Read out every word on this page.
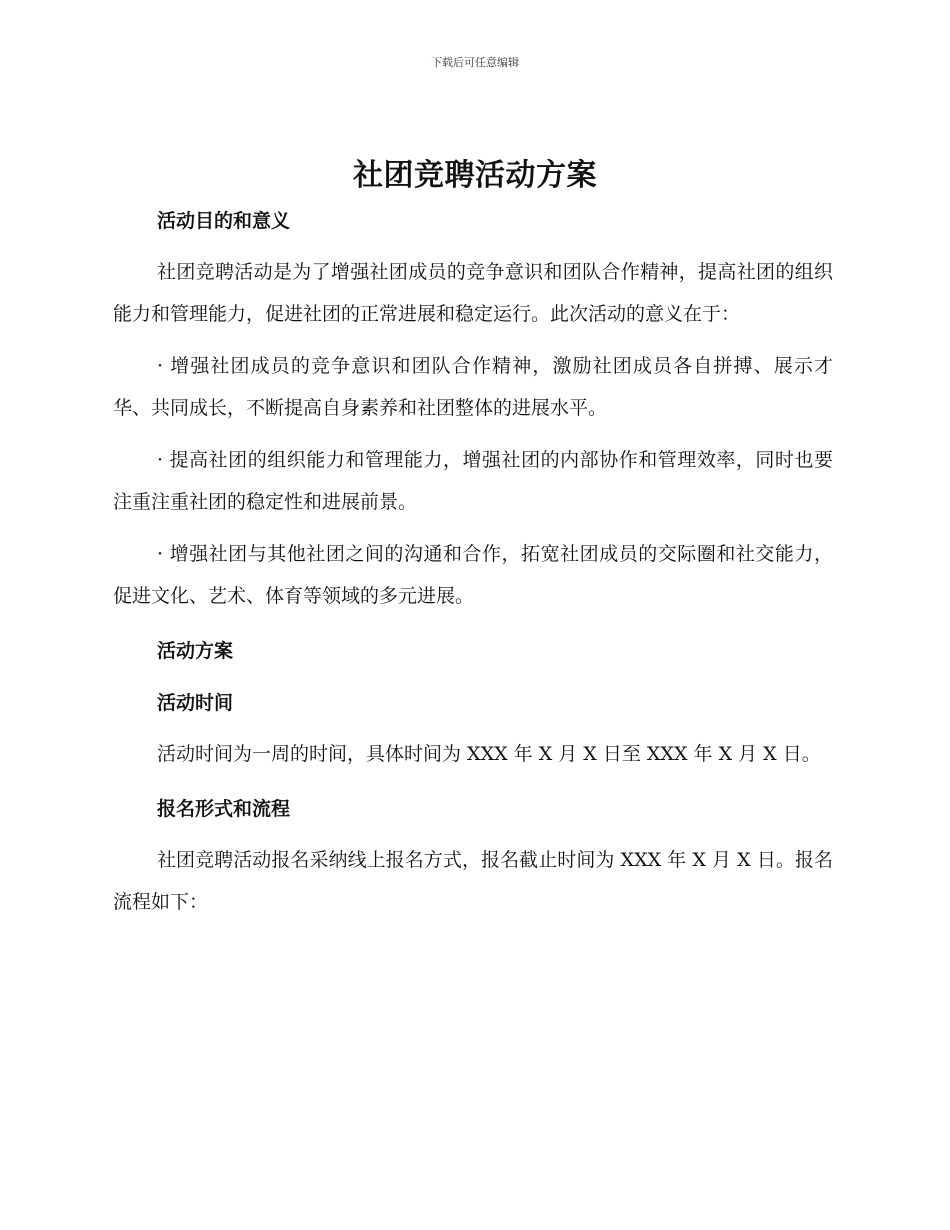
下载后可任意编辑
社团竞聘活动方案

活动目的和意义

社团竞聘活动是为了增强社团成员的竞争意识和团队合作精神，提高社团的组织能力和管理能力，促进社团的正常进展和稳定运行。此次活动的意义在于：

· 增强社团成员的竞争意识和团队合作精神，激励社团成员各自拼搏、展示才华、共同成长，不断提高自身素养和社团整体的进展水平。

· 提高社团的组织能力和管理能力，增强社团的内部协作和管理效率，同时也要注重注重社团的稳定性和进展前景。

· 增强社团与其他社团之间的沟通和合作，拓宽社团成员的交际圈和社交能力，促进文化、艺术、体育等领域的多元进展。

活动方案

活动时间

活动时间为一周的时间，具体时间为 XXX 年 X 月 X 日至 XXX 年 X 月 X 日。

报名形式和流程

社团竞聘活动报名采纳线上报名方式，报名截止时间为 XXX 年 X 月 X 日。报名流程如下：
